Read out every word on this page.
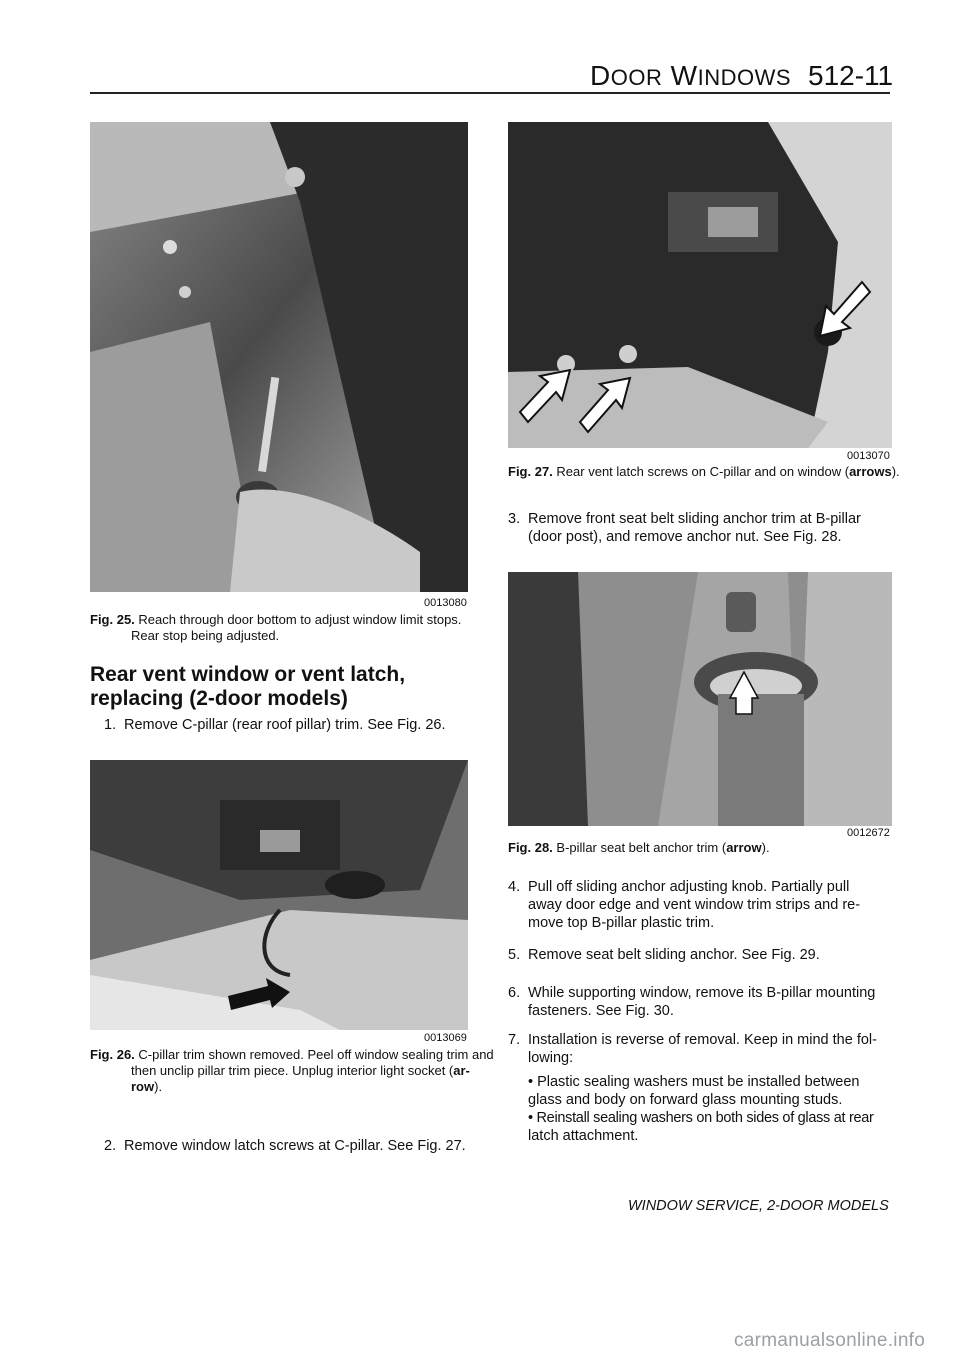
DOOR WINDOWS 512-11
0013080
Fig. 25. Reach through door bottom to adjust window limit stops.
Rear stop being adjusted.
Rear vent window or vent latch,
replacing (2-door models)
1. Remove C-pillar (rear roof pillar) trim. See Fig. 26.
0013069
Fig. 26. C-pillar trim shown removed. Peel off window sealing trim and
then unclip pillar trim piece. Unplug interior light socket (ar-
row).
2. Remove window latch screws at C-pillar. See Fig. 27.
0013070
Fig. 27. Rear vent latch screws on C-pillar and on window (arrows).
3. Remove front seat belt sliding anchor trim at B-pillar
(door post), and remove anchor nut. See Fig. 28.
0012672
Fig. 28. B-pillar seat belt anchor trim (arrow).
4. Pull off sliding anchor adjusting knob. Partially pull
away door edge and vent window trim strips and re-
move top B-pillar plastic trim.
5. Remove seat belt sliding anchor. See Fig. 29.
6. While supporting window, remove its B-pillar mounting
fasteners. See Fig. 30.
7. Installation is reverse of removal. Keep in mind the fol-
lowing:
• Plastic sealing washers must be installed between
glass and body on forward glass mounting studs.
• Reinstall sealing washers on both sides of glass at rear
latch attachment.
WINDOW SERVICE, 2-DOOR MODELS
carmanualsonline.info
